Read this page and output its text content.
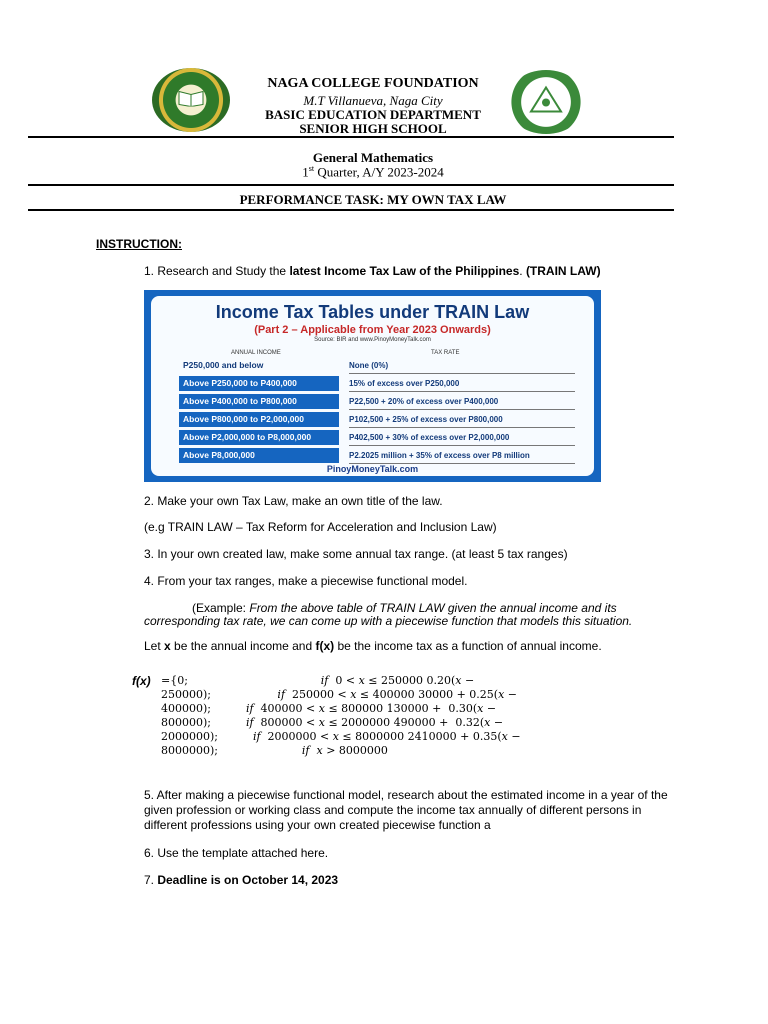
NAGA COLLEGE FOUNDATION
M.T Villanueva, Naga City
BASIC EDUCATION DEPARTMENT
SENIOR HIGH SCHOOL
General Mathematics
1st Quarter, A/Y 2023-2024
PERFORMANCE TASK: MY OWN TAX LAW
INSTRUCTION:
1. Research and Study the latest Income Tax Law of the Philippines. (TRAIN LAW)
Income Tax Tables under TRAIN Law
(Part 2 – Applicable from Year 2023 Onwards)
Source: BIR and www.PinoyMoneyTalk.com
ANNUAL INCOME	TAX RATE
P250,000 and below	None (0%)
Above P250,000 to P400,000	15% of excess over P250,000
Above P400,000 to P800,000	P22,500 + 20% of excess over P400,000
Above P800,000 to P2,000,000	P102,500 + 25% of excess over P800,000
Above P2,000,000 to P8,000,000	P402,500 + 30% of excess over P2,000,000
Above P8,000,000	P2.2025 million + 35% of excess over P8 million
PinoyMoneyTalk.com
2. Make your own Tax Law, make an own title of the law.
(e.g TRAIN LAW – Tax Reform for Acceleration and Inclusion Law)
3. In your own created law, make some annual tax range. (at least 5 tax ranges)
4. From your tax ranges, make a piecewise functional model.
(Example: From the above table of TRAIN LAW given the annual income and its
corresponding tax rate, we can come up with a piecewise function that models this situation.
Let x be the annual income and f(x) be the income tax as a function of annual income.
f(x) ={0;                                      𝑖𝑓  0 < 𝑥 ≤ 250000 0.20(𝑥 −
250000);                   𝑖𝑓  250000 < 𝑥 ≤ 400000 30000 + 0.25(𝑥 −
400000);          𝑖𝑓  400000 < 𝑥 ≤ 800000 130000 +  0.30(𝑥 −
800000);          𝑖𝑓  800000 < 𝑥 ≤ 2000000 490000 +  0.32(𝑥 −
2000000);          𝑖𝑓  2000000 < 𝑥 ≤ 8000000 2410000 + 0.35(𝑥 −
8000000);                        𝑖𝑓  𝑥 > 8000000
5. After making a piecewise functional model, research about the estimated income in a year of the
given profession or working class and compute the income tax annually of different persons in
different professions using your own created piecewise function a
6. Use the template attached here.
7. Deadline is on October 14, 2023
